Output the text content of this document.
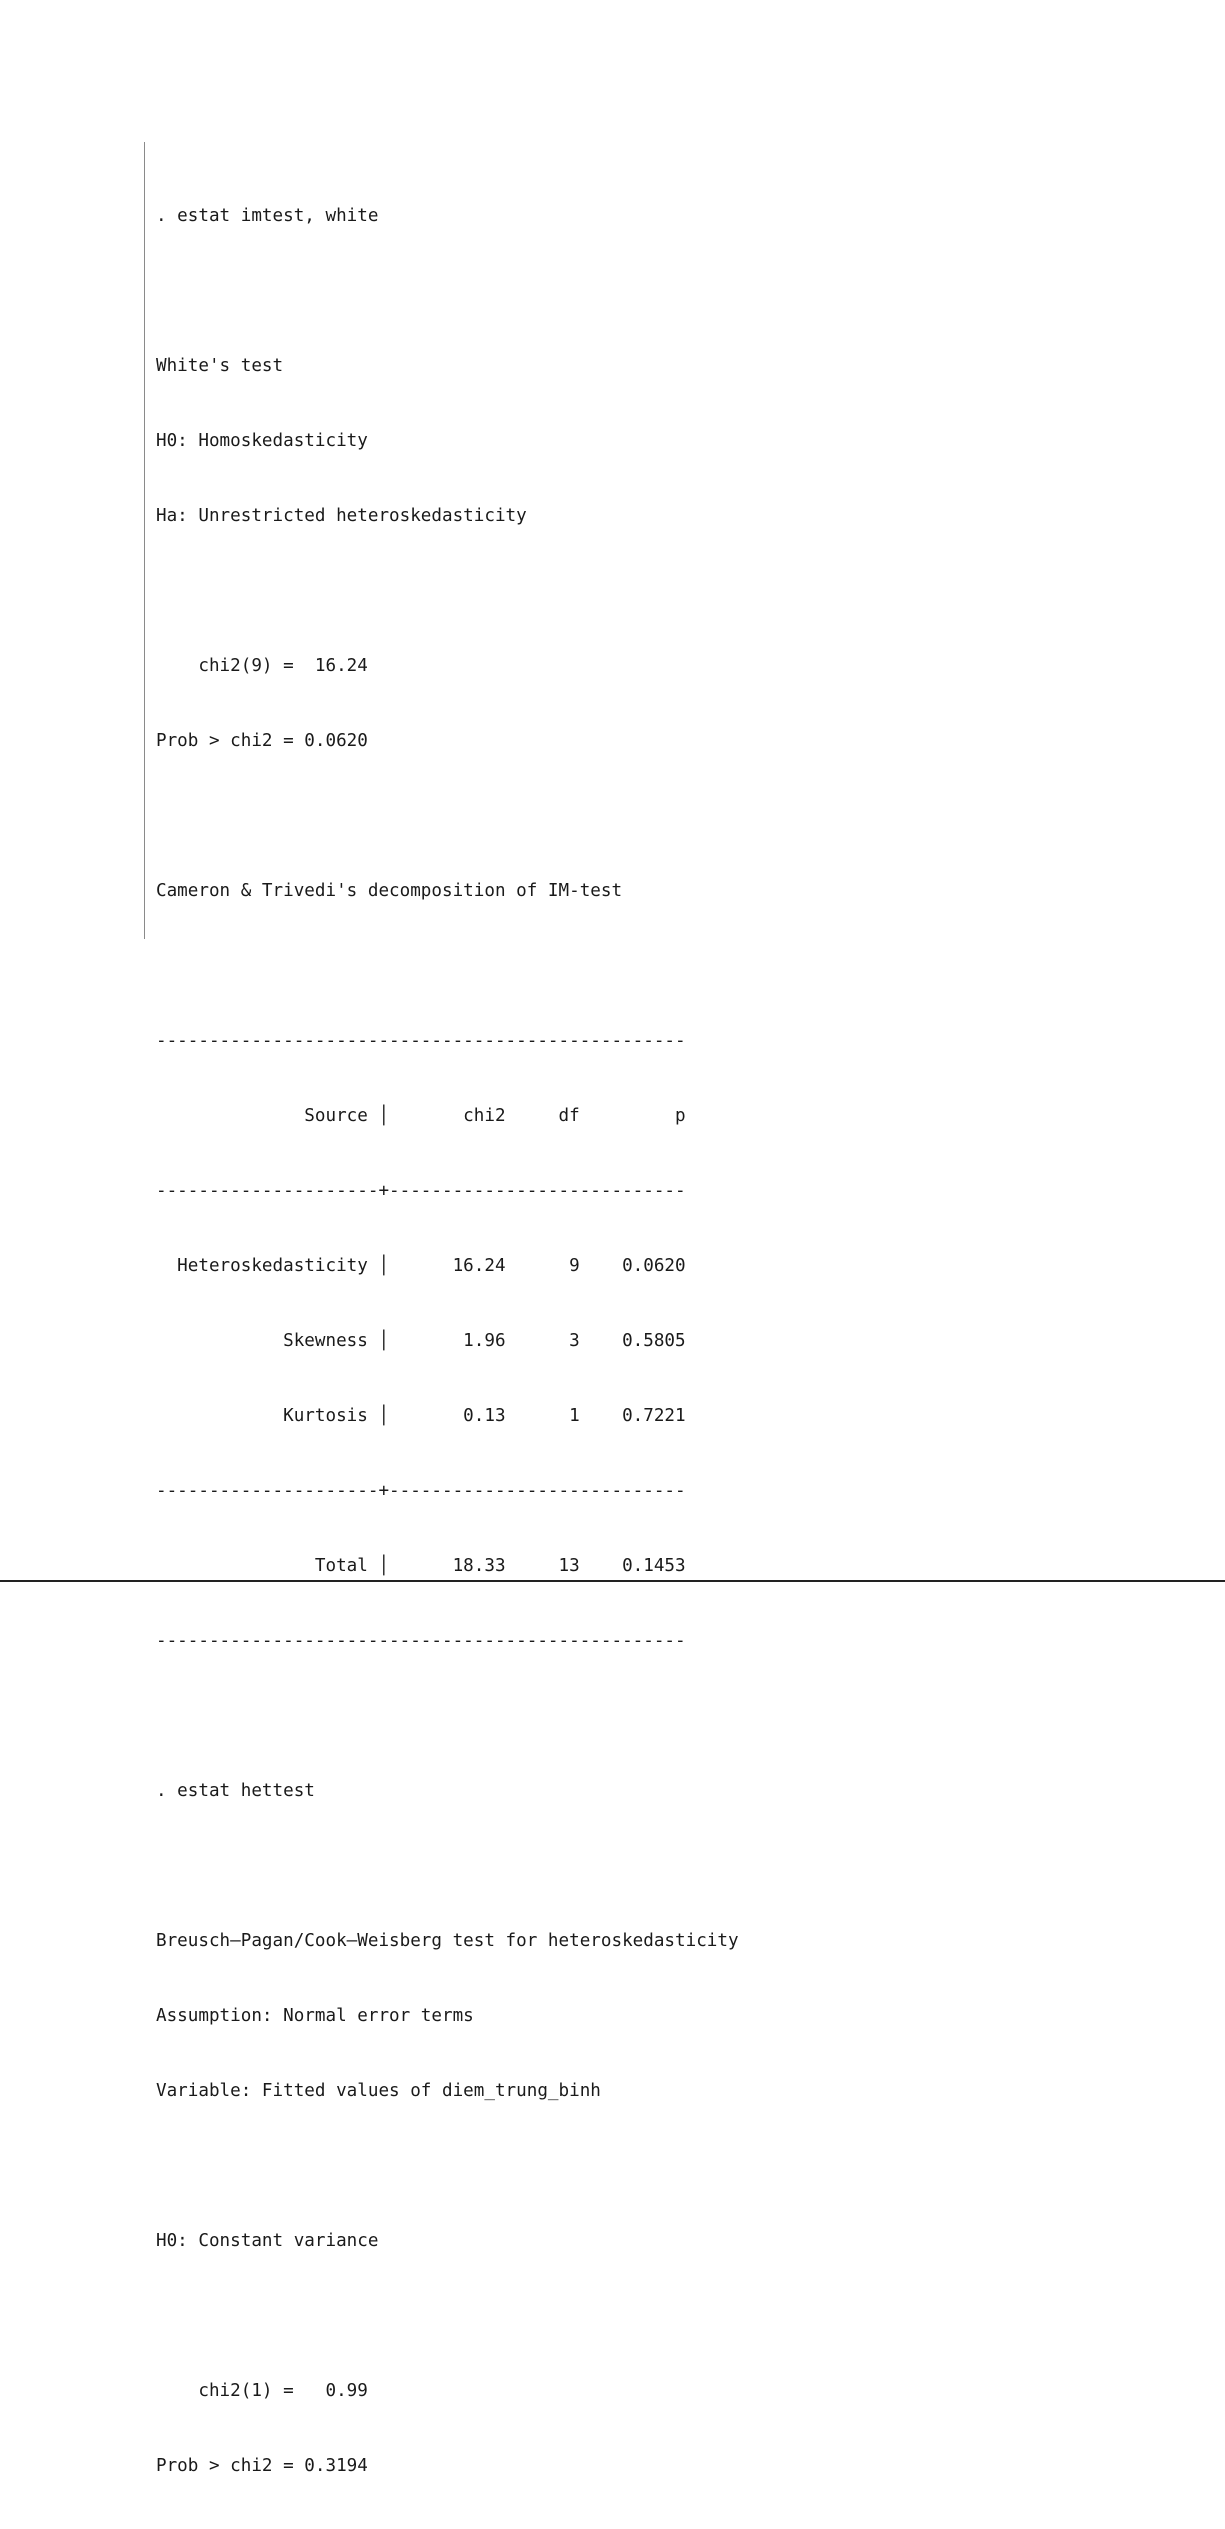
. estat imtest, white

White's test

H0: Homoskedasticity

Ha: Unrestricted heteroskedasticity

chi2(9) =  16.24

Prob > chi2 = 0.0620

Cameron & Trivedi's decomposition of IM-test

--------------------------------------------------

Source │       chi2     df         p

---------------------+----------------------------

Heteroskedasticity │      16.24      9    0.0620

Skewness │       1.96      3    0.5805

Kurtosis │       0.13      1    0.7221

---------------------+----------------------------

Total │      18.33     13    0.1453

--------------------------------------------------

. estat hettest

Breusch–Pagan/Cook–Weisberg test for heteroskedasticity

Assumption: Normal error terms

Variable: Fitted values of diem_trung_binh

H0: Constant variance

chi2(1) =   0.99

Prob > chi2 = 0.3194
